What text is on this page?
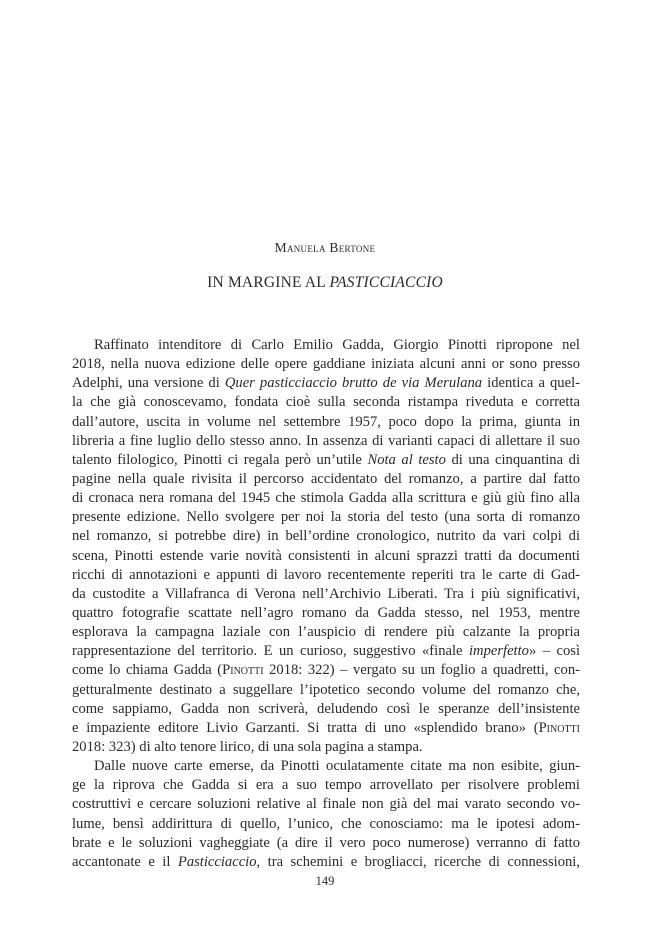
Manuela Bertone
IN MARGINE AL PASTICCIACCIO
Raffinato intenditore di Carlo Emilio Gadda, Giorgio Pinotti ripropone nel
2018, nella nuova edizione delle opere gaddiane iniziata alcuni anni or sono presso
Adelphi, una versione di Quer pasticciaccio brutto de via Merulana identica a quel-
la che già conoscevamo, fondata cioè sulla seconda ristampa riveduta e corretta
dall’autore, uscita in volume nel settembre 1957, poco dopo la prima, giunta in
libreria a fine luglio dello stesso anno. In assenza di varianti capaci di allettare il suo
talento filologico, Pinotti ci regala però un’utile Nota al testo di una cinquantina di
pagine nella quale rivisita il percorso accidentato del romanzo, a partire dal fatto
di cronaca nera romana del 1945 che stimola Gadda alla scrittura e giù giù fino alla
presente edizione. Nello svolgere per noi la storia del testo (una sorta di romanzo
nel romanzo, si potrebbe dire) in bell’ordine cronologico, nutrito da vari colpi di
scena, Pinotti estende varie novità consistenti in alcuni sprazzi tratti da documenti
ricchi di annotazioni e appunti di lavoro recentemente reperiti tra le carte di Gad-
da custodite a Villafranca di Verona nell’Archivio Liberati. Tra i più significativi,
quattro fotografie scattate nell’agro romano da Gadda stesso, nel 1953, mentre
esplorava la campagna laziale con l’auspicio di rendere più calzante la propria
rappresentazione del territorio. E un curioso, suggestivo «finale imperfetto» – così
come lo chiama Gadda (Pinotti 2018: 322) – vergato su un foglio a quadretti, con-
getturalmente destinato a suggellare l’ipotetico secondo volume del romanzo che,
come sappiamo, Gadda non scriverà, deludendo così le speranze dell’insistente
e impaziente editore Livio Garzanti. Si tratta di uno «splendido brano» (Pinotti
2018: 323) di alto tenore lirico, di una sola pagina a stampa.
Dalle nuove carte emerse, da Pinotti oculatamente citate ma non esibite, giun-
ge la riprova che Gadda si era a suo tempo arrovellato per risolvere problemi
costruttivi e cercare soluzioni relative al finale non già del mai varato secondo vo-
lume, bensì addirittura di quello, l’unico, che conosciamo: ma le ipotesi adom-
brate e le soluzioni vagheggiate (a dire il vero poco numerose) verranno di fatto
accantonate e il Pasticciaccio, tra schemini e brogliacci, ricerche di connessioni,
149
